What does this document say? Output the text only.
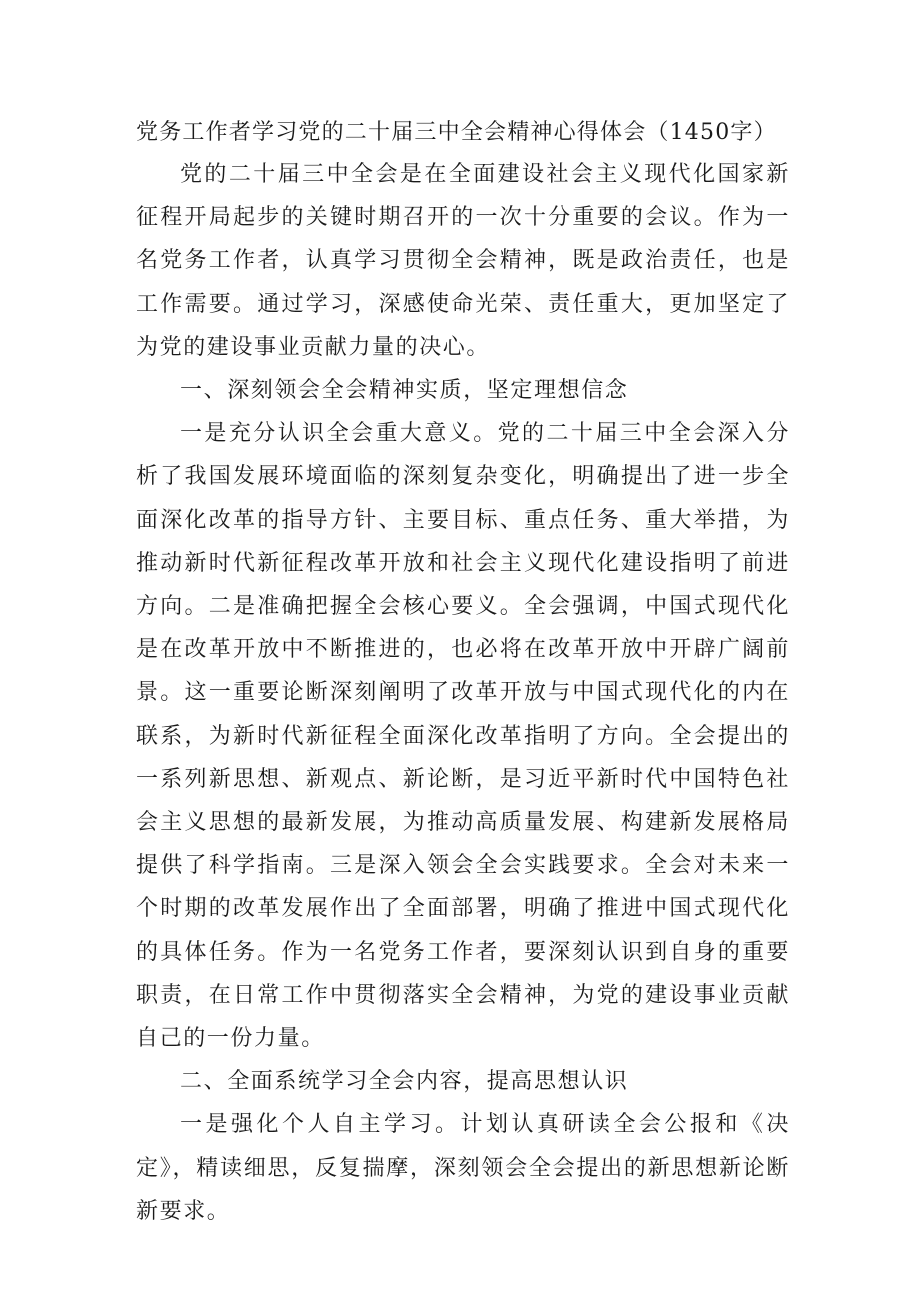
党务工作者学习党的二十届三中全会精神心得体会（1450字）

党的二十届三中全会是在全面建设社会主义现代化国家新征程开局起步的关键时期召开的一次十分重要的会议。作为一名党务工作者，认真学习贯彻全会精神，既是政治责任，也是工作需要。通过学习，深感使命光荣、责任重大，更加坚定了为党的建设事业贡献力量的决心。

一、深刻领会全会精神实质，坚定理想信念

一是充分认识全会重大意义。党的二十届三中全会深入分析了我国发展环境面临的深刻复杂变化，明确提出了进一步全面深化改革的指导方针、主要目标、重点任务、重大举措，为推动新时代新征程改革开放和社会主义现代化建设指明了前进方向。二是准确把握全会核心要义。全会强调，中国式现代化是在改革开放中不断推进的，也必将在改革开放中开辟广阔前景。这一重要论断深刻阐明了改革开放与中国式现代化的内在联系，为新时代新征程全面深化改革指明了方向。全会提出的一系列新思想、新观点、新论断，是习近平新时代中国特色社会主义思想的最新发展，为推动高质量发展、构建新发展格局提供了科学指南。三是深入领会全会实践要求。全会对未来一个时期的改革发展作出了全面部署，明确了推进中国式现代化的具体任务。作为一名党务工作者，要深刻认识到自身的重要职责，在日常工作中贯彻落实全会精神，为党的建设事业贡献自己的一份力量。

二、全面系统学习全会内容，提高思想认识

一是强化个人自主学习。计划认真研读全会公报和《决定》，精读细思，反复揣摩，深刻领会全会提出的新思想新论断新要求。
